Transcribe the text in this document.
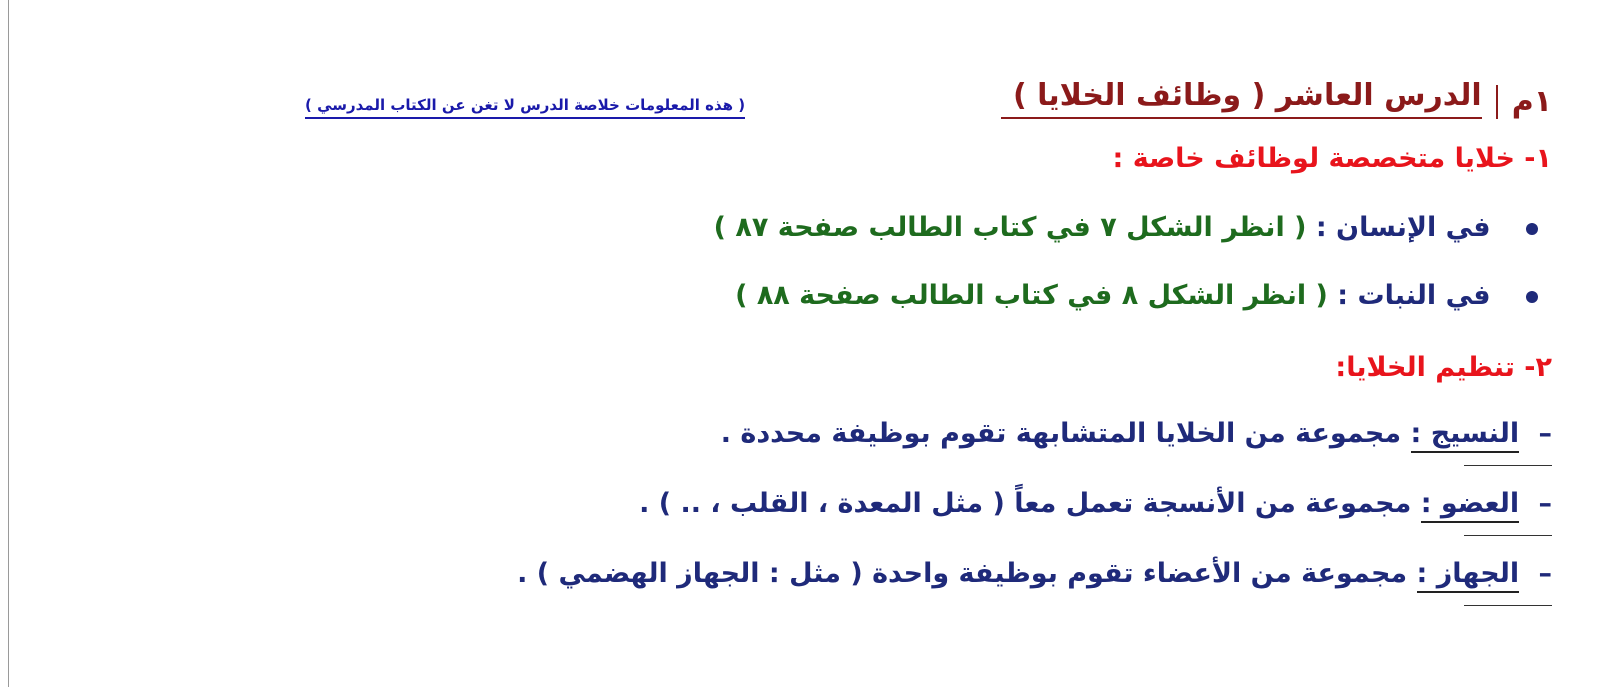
١م
الدرس العاشر ( وظائف الخلايا )
( هذه المعلومات خلاصة الدرس لا تغن عن الكتاب المدرسي )
١- خلايا متخصصة لوظائف خاصة :
في الإنسان : ( انظر الشكل ٧ في كتاب الطالب صفحة ٨٧ )
في النبات : ( انظر الشكل ٨ في كتاب الطالب صفحة ٨٨ )
٢- تنظيم الخلايا:
– النسيج : مجموعة من الخلايا المتشابهة تقوم بوظيفة محددة .
– العضو : مجموعة من الأنسجة تعمل معاً ( مثل المعدة ، القلب ، .. ) .
– الجهاز : مجموعة من الأعضاء تقوم بوظيفة واحدة ( مثل : الجهاز الهضمي ) .
